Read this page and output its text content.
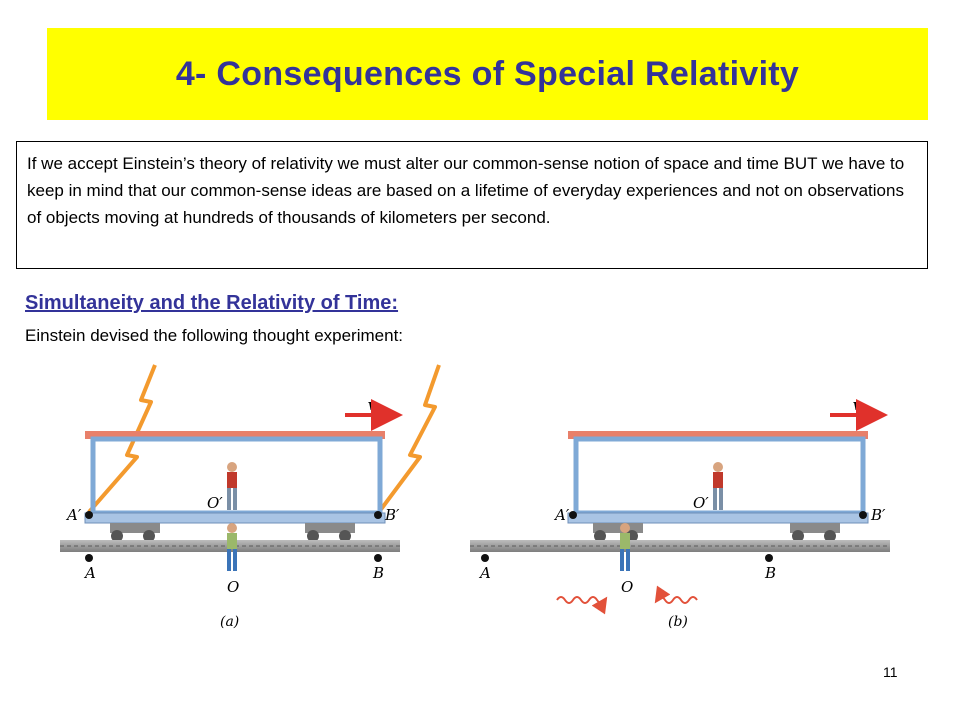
4- Consequences of Special Relativity
If we accept Einstein’s theory of relativity we must alter our common-sense notion of space and time BUT we have to keep in mind that our common-sense ideas are based on a lifetime of everyday experiences and not on observations of objects moving at hundreds of thousands of kilometers per second.

Simultaneity and the Relativity of Time:

Einstein devised the following thought experiment:

v
A′	B′
O′
A	B
O
(a)
v
A′	B′
O′
A	B
O
(b)
11
